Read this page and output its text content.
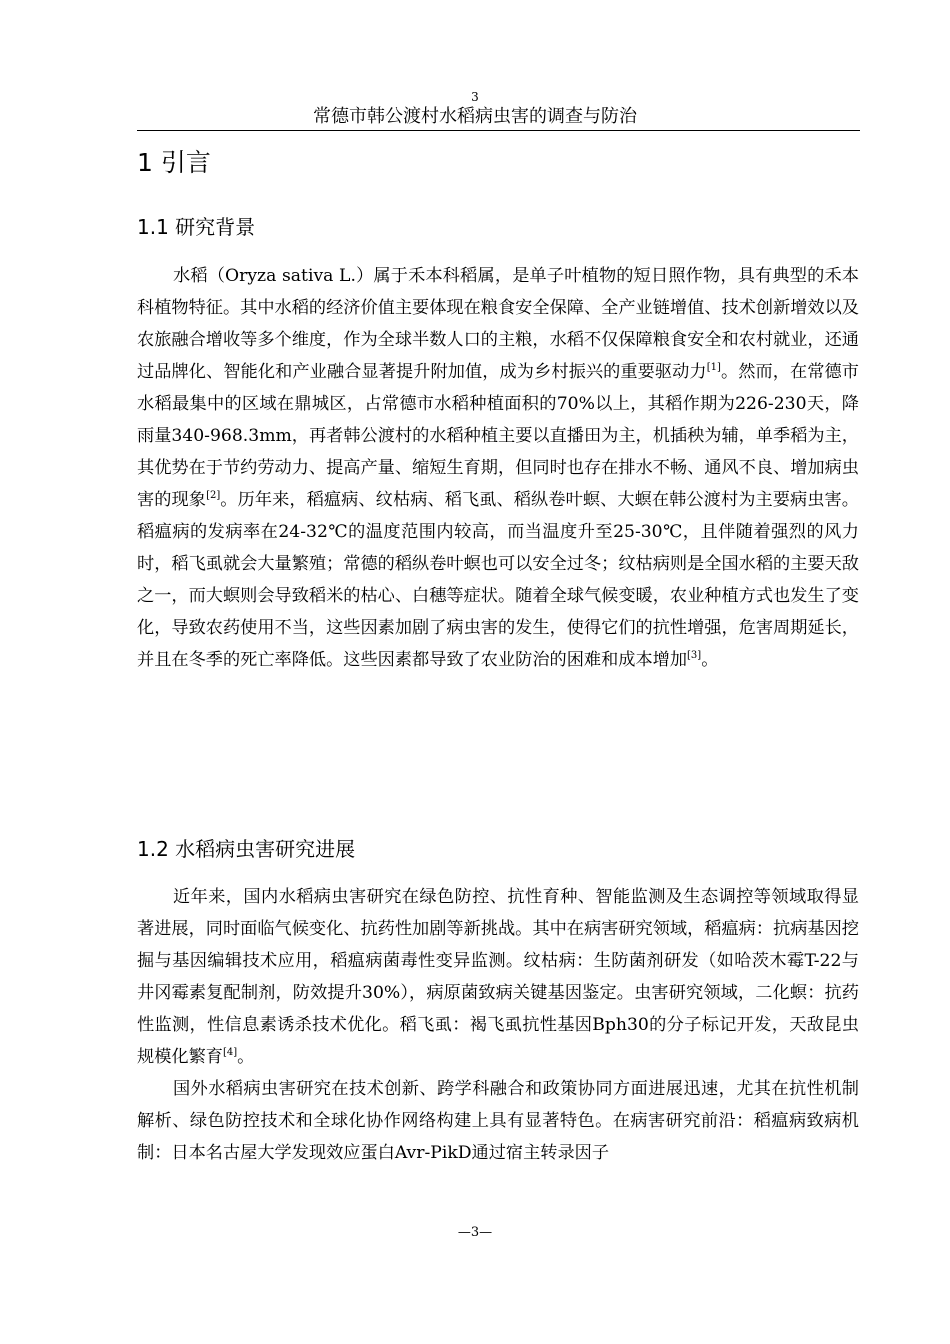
3
常德市韩公渡村水稻病虫害的调查与防治
1 引言
1.1 研究背景

水稻（Oryza sativa L.）属于禾本科稻属，是单子叶植物的短日照作物，具有典型的禾本科植物特征。其中水稻的经济价值主要体现在粮食安全保障、全产业链增值、技术创新增效以及农旅融合增收等多个维度，作为全球半数人口的主粮，水稻不仅保障粮食安全和农村就业，还通过品牌化、智能化和产业融合显著提升附加值，成为乡村振兴的重要驱动力[1]。然而，在常德市水稻最集中的区域在鼎城区，占常德市水稻种植面积的70%以上，其稻作期为226-230天，降雨量340-968.3mm，再者韩公渡村的水稻种植主要以直播田为主，机插秧为辅，单季稻为主，其优势在于节约劳动力、提高产量、缩短生育期，但同时也存在排水不畅、通风不良、增加病虫害的现象[2]。历年来，稻瘟病、纹枯病、稻飞虱、稻纵卷叶螟、大螟在韩公渡村为主要病虫害。稻瘟病的发病率在24-32℃的温度范围内较高，而当温度升至25-30℃，且伴随着强烈的风力时，稻飞虱就会大量繁殖；常德的稻纵卷叶螟也可以安全过冬；纹枯病则是全国水稻的主要天敌之一，而大螟则会导致稻米的枯心、白穗等症状。随着全球气候变暖，农业种植方式也发生了变化，导致农药使用不当，这些因素加剧了病虫害的发生，使得它们的抗性增强，危害周期延长，并且在冬季的死亡率降低。这些因素都导致了农业防治的困难和成本增加[3]。

1.2 水稻病虫害研究进展

近年来，国内水稻病虫害研究在绿色防控、抗性育种、智能监测及生态调控等领域取得显著进展，同时面临气候变化、抗药性加剧等新挑战。其中在病害研究领域，稻瘟病：抗病基因挖掘与基因编辑技术应用，稻瘟病菌毒性变异监测。纹枯病：生防菌剂研发（如哈茨木霉T-22与井冈霉素复配制剂，防效提升30%），病原菌致病关键基因鉴定。虫害研究领域，二化螟：抗药性监测，性信息素诱杀技术优化。稻飞虱：褐飞虱抗性基因Bph30的分子标记开发，天敌昆虫规模化繁育[4]。

国外水稻病虫害研究在技术创新、跨学科融合和政策协同方面进展迅速，尤其在抗性机制解析、绿色防控技术和全球化协作网络构建上具有显著特色。在病害研究前沿：稻瘟病致病机制：日本名古屋大学发现效应蛋白Avr-PikD通过宿主转录因子

—3—
